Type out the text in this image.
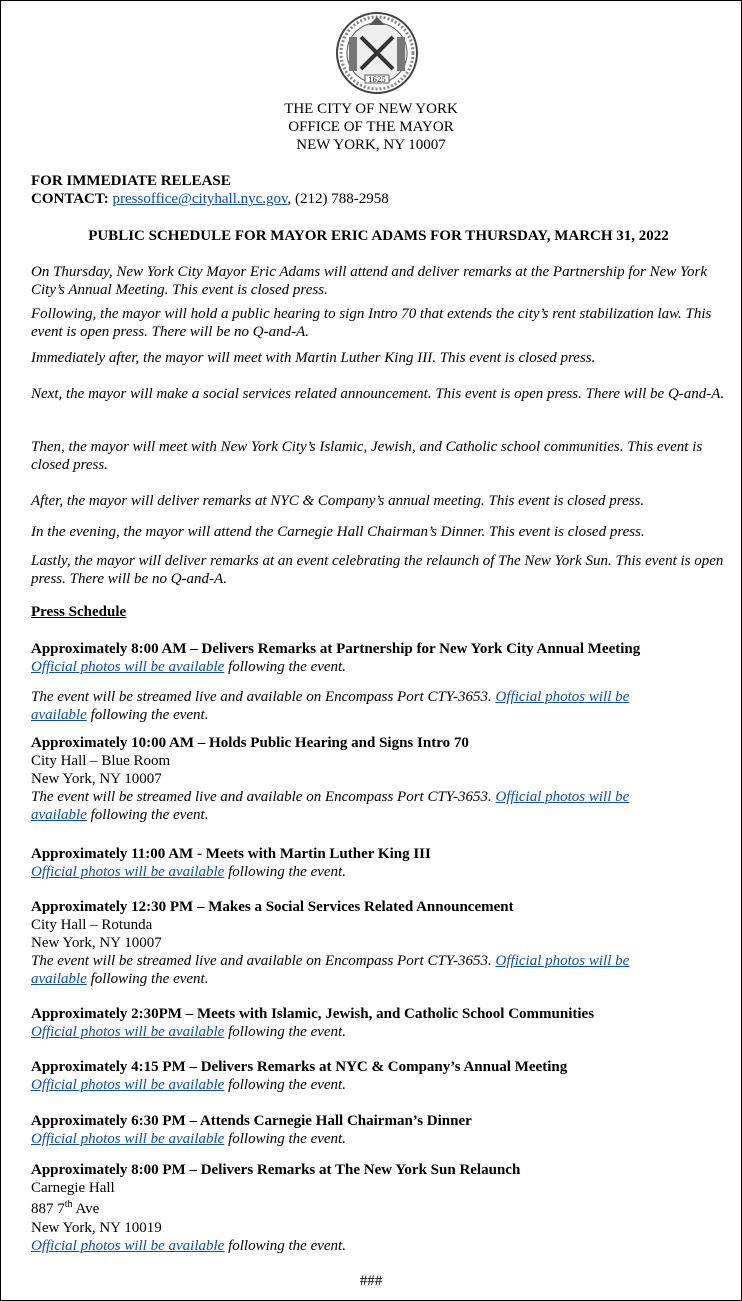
1625
THE CITY OF NEW YORK
OFFICE OF THE MAYOR
NEW YORK, NY 10007
FOR IMMEDIATE RELEASE
CONTACT: pressoffice@cityhall.nyc.gov, (212) 788-2958
PUBLIC SCHEDULE FOR MAYOR ERIC ADAMS FOR THURSDAY, MARCH 31, 2022
On Thursday, New York City Mayor Eric Adams will attend and deliver remarks at the Partnership for New York City’s Annual Meeting. This event is closed press.
Following, the mayor will hold a public hearing to sign Intro 70 that extends the city’s rent stabilization law. This event is open press. There will be no Q-and-A.
Immediately after, the mayor will meet with Martin Luther King III. This event is closed press.
Next, the mayor will make a social services related announcement. This event is open press. There will be Q-and-A.
Then, the mayor will meet with New York City’s Islamic, Jewish, and Catholic school communities. This event is closed press.
After, the mayor will deliver remarks at NYC & Company’s annual meeting. This event is closed press.
In the evening, the mayor will attend the Carnegie Hall Chairman’s Dinner. This event is closed press.
Lastly, the mayor will deliver remarks at an event celebrating the relaunch of The New York Sun. This event is open press. There will be no Q-and-A.
Press Schedule
Approximately 8:00 AM – Delivers Remarks at Partnership for New York City Annual Meeting
Official photos will be available following the event.
The event will be streamed live and available on Encompass Port CTY-3653. Official photos will be
available following the event.
Approximately 10:00 AM – Holds Public Hearing and Signs Intro 70
City Hall – Blue Room
New York, NY 10007
The event will be streamed live and available on Encompass Port CTY-3653. Official photos will be
available following the event.
Approximately 11:00 AM - Meets with Martin Luther King III
Official photos will be available following the event.
Approximately 12:30 PM – Makes a Social Services Related Announcement
City Hall – Rotunda
New York, NY 10007
The event will be streamed live and available on Encompass Port CTY-3653. Official photos will be
available following the event.
Approximately 2:30PM – Meets with Islamic, Jewish, and Catholic School Communities
Official photos will be available following the event.
Approximately 4:15 PM – Delivers Remarks at NYC & Company’s Annual Meeting
Official photos will be available following the event.
Approximately 6:30 PM – Attends Carnegie Hall Chairman’s Dinner
Official photos will be available following the event.
Approximately 8:00 PM – Delivers Remarks at The New York Sun Relaunch
Carnegie Hall
887 7th Ave
New York, NY 10019
Official photos will be available following the event.
###
